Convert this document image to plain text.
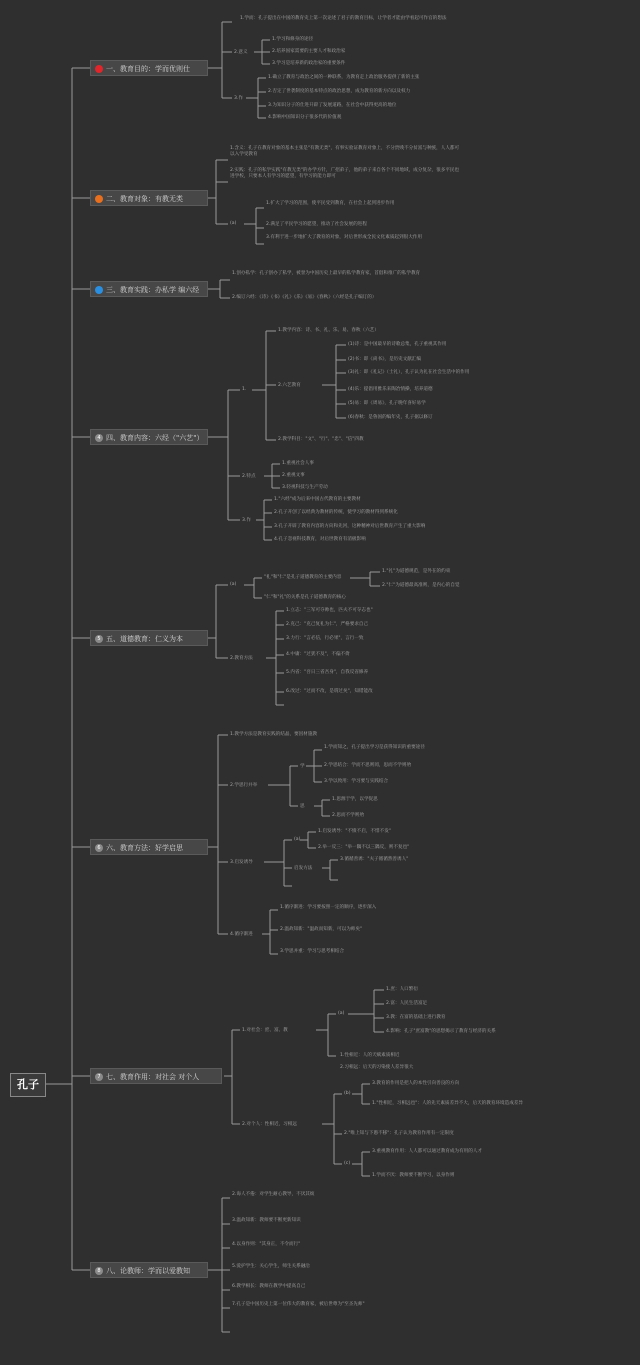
孔子
一、教育目的：学而优则仕
二、教育对象：有教无类
三、教育实践：办私学 编六经
4 四、教育内容：六经（"六艺"）
5 五、道德教育：仁义为本
6 六、教育方法：好学启思
7 七、教育作用：对社会 对个人
8 八、论教师：学而以爱教知
2.意义
3.作
(a)
1.
2.六艺教育
2.特点
3.作
(a)
2.教育方法
2.学思行并举
3.启发诱导
4.循序渐进
学
思
启发方法
(a)
1.对社会：庶、富、教
2.对个人：性相近，习相远
(a)
(b)
(c)
1.学而：孔子提出在中国的教育史上第一次论述了君子的教育目标，让学者才能由学看起可作官的想法
1.学习和修身的途径
2.培养国家需要的主要人才和政治家
3.学习是培养新的政治家的重要条件
1.确立了教育与政治之间的一种联系，为教育走上政治服务提供了新的主张
2.否定了世袭制度的基本特点的政治思想，成为教育的新方向以及权力
3.为知识分子的仕进开辟了发展道路，在社会中获得更高的地位
4.影响中国知识分子很多代的价值观
1.含义：孔子在教育对象的基本主张是"有教无类"，有事实验证教育对象上，不分贵贱不分贫富与种族，人人都可以入学受教育
2.实践：孔子的私学实践"有教无类"的办学方针，广招弟子，他的弟子来自各个不同地域，成分复杂，很多平民也进学校，只要本人有学习的愿望，有学习的能力即可
1.扩大了学习的范围，使平民受到教育，在社会上起到进步作用
2.满足了平民学习的愿望，推动了社会发展的进程
3.有利于进一步地扩大了教育的对象，对后世形成全民文化素质起到很大作用
1.创办私学：孔子创办了私学，被誉为中国历史上最早的私学教育家，首倡和推广的私学教育
2.编订六经：《诗》《书》《礼》《乐》《易》《春秋》（六经是孔子编订的）
1.教学内容：诗、书、礼、乐、易、春秋（六艺）
(1)诗：是中国最早的诗歌总集，孔子重视其作用
(2)书：即《尚书》，是历史文献汇编
(3)礼：即《礼记》（士礼），孔子认为礼在社会生活中的作用
(4)乐：提倡用雅乐来陶冶情操，培养道德
(5)易：即《周易》，孔子晚年喜好易学
(6)春秋：是鲁国的编年史，孔子据以修订
2.教学科目："文"、"行"、"忠"、"信"四教
1.重视社会人事
2.重视文事
3.轻视科技与生产劳动
1."六经"成为后来中国古代教育的主要教材
2.孔子开创了以经典为教材的传统，使学习的教材得到系统化
3.孔子开辟了教育内容的方向和先河，这种精神对后世教育产生了重大影响
4.孔子忽视科技教育，对后世教育有消极影响
"礼"和"仁"是孔子道德教育的主要内容
1."礼"为道德规范，是外在的约束
2."仁"为道德最高准则，是内心的自觉
"仁"和"礼"的关系是孔子道德教育的核心
1.立志："三军可夺帅也，匹夫不可夺志也"
2.克己："克己复礼为仁"，严格要求自己
3.力行："言必信，行必果"，言行一致
4.中庸："过犹不及"，不偏不倚
5.内省："吾日三省吾身"，自我反省修养
6.改过："过而不改，是谓过矣"，知错能改
1.教学方法是教育实践的结晶，要因材施教
1.学而知之，孔子提出学习是获得知识的重要途径
2.学思结合：学而不思则罔，思而不学则殆
3.学以致用：学习要与实践结合
1.思源于学，以学促思
2.思而不学则殆
1.启发诱导："不愤不启，不悱不发"
2.举一反三："举一隅不以三隅反，则不复也"
3.循循善诱："夫子循循然善诱人"
1.循序渐进：学习要按照一定的顺序，逐步深入
2.温故知新："温故而知新，可以为师矣"
3.学思并重：学习与思考相结合
1.庶：人口繁衍
2.富：人民生活富足
3.教：在富的基础上进行教育
4.影响：孔子"庶富教"的思想揭示了教育与经济的关系
1.性相近：人的天赋素质相近
2.习相远：后天的习染使人差异很大
3.教育的作用是把人的本性引向善良的方向
1."性相近，习相远也"：人的先天素质差异不大，后天的教育环境造成差异
2."唯上知与下愚不移"：孔子认为教育作用有一定限度
3.重视教育作用：人人都可以通过教育成为有用的人才
1.学而不厌：教师要不断学习，以身作则
2.诲人不倦：对学生耐心教导，不厌其烦
3.温故知新：教师要不断更新知识
4.以身作则："其身正，不令而行"
5.爱护学生：关心学生，师生关系融洽
6.教学相长：教师在教学中提高自己
7.孔子是中国历史上第一位伟大的教育家，被后世尊为"至圣先师"
